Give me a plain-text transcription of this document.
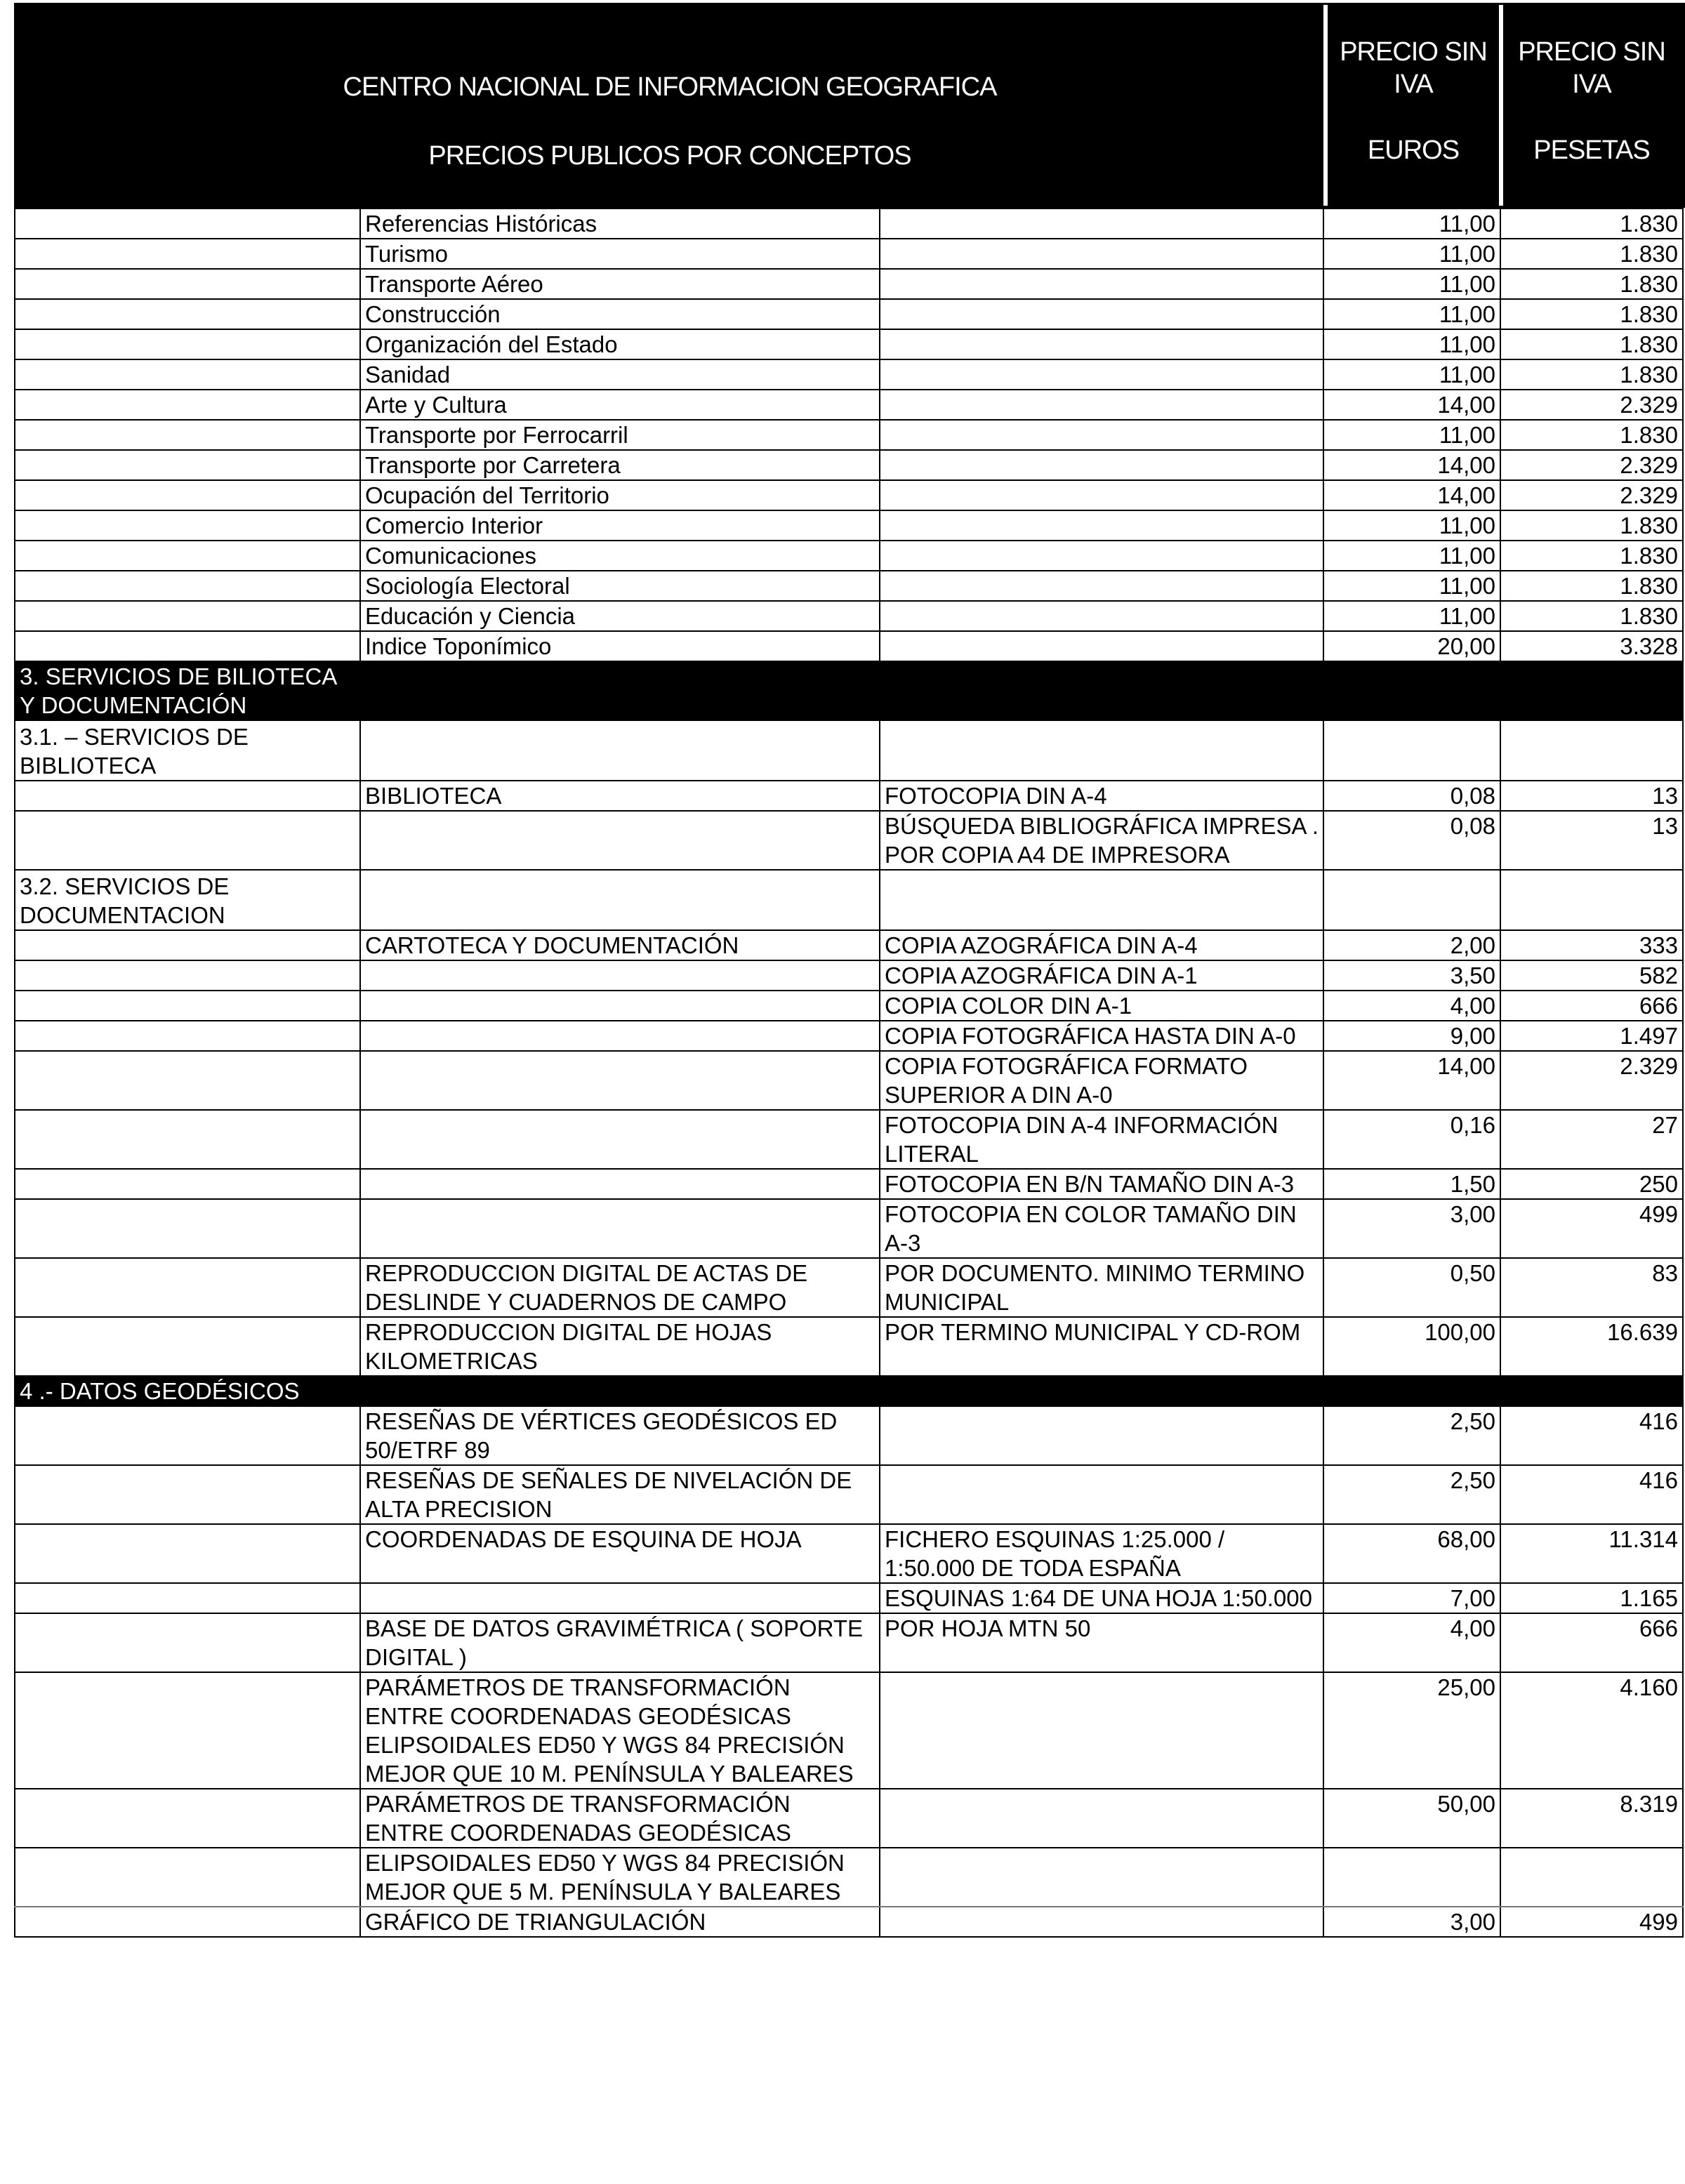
CENTRO NACIONAL DE INFORMACION GEOGRAFICA
PRECIOS PUBLICOS POR CONCEPTOS
PRECIO SIN
IVA
EUROS
PRECIO SIN
IVA
PESETAS
	Referencias Históricas		11,00	1.830
	Turismo		11,00	1.830
	Transporte Aéreo		11,00	1.830
	Construcción		11,00	1.830
	Organización del Estado		11,00	1.830
	Sanidad		11,00	1.830
	Arte y Cultura		14,00	2.329
	Transporte por Ferrocarril		11,00	1.830
	Transporte por Carretera		14,00	2.329
	Ocupación del Territorio		14,00	2.329
	Comercio Interior		11,00	1.830
	Comunicaciones		11,00	1.830
	Sociología Electoral		11,00	1.830
	Educación y Ciencia		11,00	1.830
	Indice Toponímico		20,00	3.328
3. SERVICIOS DE BILIOTECA Y DOCUMENTACIÓN				
3.1. – SERVICIOS DE BIBLIOTECA				
	BIBLIOTECA	FOTOCOPIA DIN A-4	0,08	13
		BÚSQUEDA BIBLIOGRÁFICA IMPRESA . POR COPIA A4 DE IMPRESORA	0,08	13
3.2. SERVICIOS DE DOCUMENTACION				
	CARTOTECA Y DOCUMENTACIÓN	COPIA AZOGRÁFICA DIN A-4	2,00	333
		COPIA AZOGRÁFICA DIN A-1	3,50	582
		COPIA COLOR DIN A-1	4,00	666
		COPIA FOTOGRÁFICA HASTA DIN A-0	9,00	1.497
		COPIA FOTOGRÁFICA FORMATO SUPERIOR A DIN A-0	14,00	2.329
		FOTOCOPIA DIN A-4 INFORMACIÓN LITERAL	0,16	27
		FOTOCOPIA EN B/N TAMAÑO DIN A-3	1,50	250
		FOTOCOPIA EN COLOR TAMAÑO DIN A-3	3,00	499
	REPRODUCCION DIGITAL DE ACTAS DE DESLINDE Y CUADERNOS DE CAMPO	POR DOCUMENTO. MINIMO TERMINO MUNICIPAL	0,50	83
	REPRODUCCION DIGITAL DE HOJAS KILOMETRICAS	POR TERMINO MUNICIPAL Y CD-ROM	100,00	16.639
4 .- DATOS GEODÉSICOS				
	RESEÑAS DE VÉRTICES GEODÉSICOS ED 50/ETRF 89		2,50	416
	RESEÑAS DE SEÑALES DE NIVELACIÓN DE ALTA PRECISION		2,50	416
	COORDENADAS DE ESQUINA DE HOJA	FICHERO ESQUINAS 1:25.000 / 1:50.000 DE TODA ESPAÑA	68,00	11.314
		ESQUINAS 1:64 DE UNA HOJA 1:50.000	7,00	1.165
	BASE DE DATOS GRAVIMÉTRICA ( SOPORTE DIGITAL )	POR HOJA MTN 50	4,00	666
	PARÁMETROS DE TRANSFORMACIÓN ENTRE COORDENADAS GEODÉSICAS ELIPSOIDALES ED50 Y WGS 84 PRECISIÓN MEJOR QUE 10 M. PENÍNSULA Y BALEARES		25,00	4.160
	PARÁMETROS DE TRANSFORMACIÓN ENTRE COORDENADAS GEODÉSICAS		50,00	8.319
	ELIPSOIDALES ED50 Y WGS 84 PRECISIÓN MEJOR QUE 5 M. PENÍNSULA Y BALEARES			
	GRÁFICO DE TRIANGULACIÓN		3,00	499
